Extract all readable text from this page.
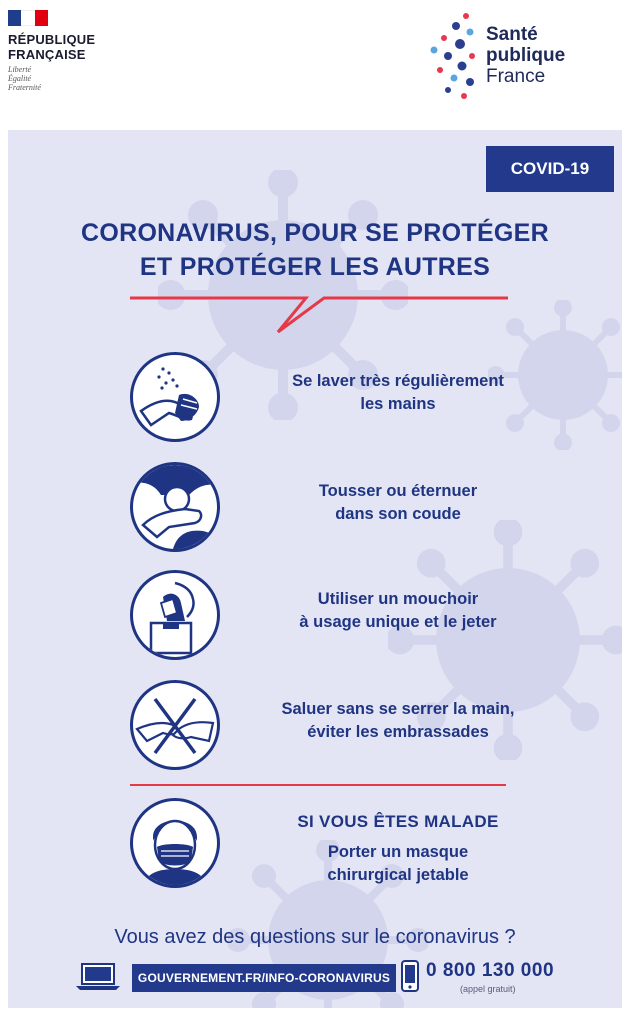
RÉPUBLIQUE
FRANÇAISE
Liberté
Égalité
Fraternité
Santé
publique
France
COVID-19
CORONAVIRUS, POUR SE PROTÉGER
ET PROTÉGER LES AUTRES
Se laver très régulièrement
les mains
Tousser ou éternuer
dans son coude
Utiliser un mouchoir
à usage unique et le jeter
Saluer sans se serrer la main,
éviter les embrassades
SI VOUS ÊTES MALADE
Porter un masque
chirurgical jetable
Vous avez des questions sur le coronavirus ?
GOUVERNEMENT.FR/INFO-CORONAVIRUS	0 800 130 000
(appel gratuit)
